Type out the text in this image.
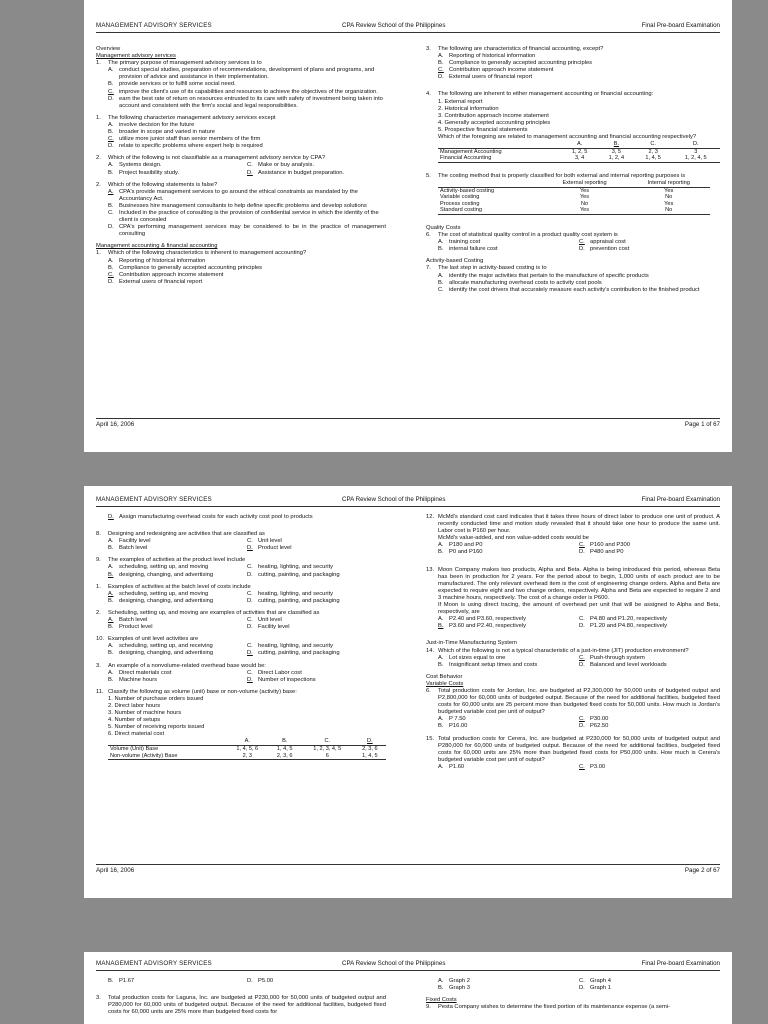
MANAGEMENT ADVISORY SERVICES	CPA Review School of the Philippines	Final Pre-board Examination
Overview
Management advisory services
1.	The primary purpose of management advisory services is to
A. conduct special studies, preparation of recommendations, development of plans and programs, and provision of advice and assistance in their implementation.
B. provide services or to fulfill some social need.
C. improve the client's use of its capabilities and resources to achieve the objectives of the organization.
D. earn the best rate of return on resources entrusted to its care with safety of investment being taken into account and consistent with the firm's social and legal responsibilities.
1.	The following characterize management advisory services except
A. involve decision for the future
B. broader in scope and varied in nature
C. utilize more junior staff than senior members of the firm
D. relate to specific problems where expert help is required
2.	Which of the following is not classifiable as a management advisory service by CPA?
A. Systems design.	C. Make or buy analysis.
B. Project feasibility study.	D. Assistance in budget preparation.
2.	Which of the following statements is false?
A. CPA's provide management services to go around the ethical constraints as mandated by the Accountancy Act.
B. Businesses hire management consultants to help define specific problems and develop solutions
C. Included in the practice of consulting is the provision of confidential service in which the identity of the client is concealed
D. CPA's performing management services may be considered to be in the practice of management consulting
Management accounting & financial accounting
1.	Which of the following characteristics is inherent to management accounting?
A. Reporting of historical information
B. Compliance to generally accepted accounting principles
C. Contribution approach income statement
D. External users of financial report
3.	The following are characteristics of financial accounting, except?
A. Reporting of historical information
B. Compliance to generally accepted accounting principles
C. Contribution approach income statement
D. External users of financial report
4.	The following are inherent to either management accounting or financial accounting:
1. External report
2. Historical information
3. Contribution approach income statement
4. Generally accepted accounting principles
5. Prospective financial statements
Which of the foregoing are related to management accounting and financial accounting respectively?
	A.	B.	C.	D.
Management Accounting	1, 2, 5	3, 5	2, 3	3
Financial Accounting	3, 4	1, 2, 4	1, 4, 5	1, 2, 4, 5
5.	The costing method that is properly classified for both external and internal reporting purposes is
	External reporting	Internal reporting
Activity-based costing	Yes	Yes
Variable costing	Yes	No
Process costing	No	Yes
Standard costing	Yes	No
Quality Costs
6.	The cost of statistical quality control in a product quality cost system is
A. training cost	C. appraisal cost
B. internal failure cost	D. prevention cost
Activity-based Costing
7.	The last step in activity-based costing is to
A. identify the major activities that pertain to the manufacture of specific products
B. allocate manufacturing overhead costs to activity cost pools
C. identify the cost drivers that accurately measure each activity's contribution to the finished product
April 16, 2006	Page 1 of 67
MANAGEMENT ADVISORY SERVICES	CPA Review School of the Philippines	Final Pre-board Examination
D. Assign manufacturing overhead costs for each activity cost pool to products
8.	Designing and redesigning are activities that are classified as
A. Facility level	C. Unit level
B. Batch level	D. Product level
9.	The examples of activities at the product level include
A. scheduling, setting up, and moving	C. heating, lighting, and security
B. designing, changing, and advertising	D. cutting, painting, and packaging
1.	Examples of activities at the batch level of costs include
A. scheduling, setting up, and moving	C. heating, lighting, and security
B. designing, changing, and advertising	D. cutting, painting, and packaging
2.	Scheduling, setting up, and moving are examples of activities that are classified as
A. Batch level	C. Unit level
B. Product level	D. Facility level
10. Examples of unit level activities are
A. scheduling, setting up, and receiving	C. heating, lighting, and security
B. designing, changing, and advertising	D. cutting, painting, and packaging
3.	An example of a nonvolume-related overhead base would be:
A. Direct materials cost	C. Direct Labor cost
B. Machine hours	D. Number of inspections
11. Classify the following as volume (unit) base or non-volume (activity) base:
1. Number of purchase orders issued
2. Direct labor hours
3. Number of machine hours
4. Number of setups
5. Number of receiving reports issued
6. Direct material cost
	A.	B.	C.	D.
Volume (Unit) Base	1, 4, 5, 6	1, 4, 5	1, 2, 3, 4, 5	2, 3, 6
Non-volume (Activity) Base	2, 3	2, 3, 6	6	1, 4, 5
12. McMd's standard cost card indicates that it takes three hours of direct labor to produce one unit of product. A recently conducted time and motion study revealed that it should take one hour to produce the same unit. Labor cost is P160 per hour.
McMd's value-added, and non value-added costs would be
A. P180 and P0	C. P160 and P300
B. P0 and P160	D. P480 and P0
13. Moon Company makes two products, Alpha and Beta. Alpha is being introduced this period, whereas Beta has been in production for 2 years. For the period about to begin, 1,000 units of each product are to be manufactured. The only relevant overhead item is the cost of engineering change orders. Alpha and Beta are expected to require eight and two change orders, respectively. Alpha and Beta are expected to require 2 and 3 machine hours, respectively. The cost of a change order is P600.
If Moon is using direct tracing, the amount of overhead per unit that will be assigned to Alpha and Beta, respectively, are
A. P2.40 and P3.60, respectively	C. P4.80 and P1.20, respectively
B. P3.60 and P2.40, respectively	D. P1.20 and P4.80, respectively
Just-in-Time Manufacturing System
14. Which of the following is not a typical characteristic of a just-in-time (JIT) production environment?
A. Lot sizes equal to one	C. Push-through system
B. Insignificant setup times and costs	D. Balanced and level workloads
Cost Behavior
Variable Costs
6.	Total production costs for Jordan, Inc. are budgeted at P2,300,000 for 50,000 units of budgeted output and P2,800,000 for 60,000 units of budgeted output. Because of the need for additional facilities, budgeted fixed costs for 60,000 units are 25 percent more than budgeted fixed costs for 50,000 units. How much is Jordan's budgeted variable cost per unit of output?
A. P 7.50	C. P30.00
B. P16.00	D. P62.50
15. Total production costs for Cerera, Inc. are budgeted at P230,000 for 50,000 units of budgeted output and P280,000 for 60,000 units of budgeted output. Because of the need for additional facilities, budgeted fixed costs for 60,000 units are 25% more than budgeted fixed costs for P50,000 units. How much is Cerera's budgeted variable cost per unit of output?
A. P1.60	C. P3.00
April 16, 2006	Page 2 of 67
MANAGEMENT ADVISORY SERVICES	CPA Review School of the Philippines	Final Pre-board Examination
B. P1.67	D. P5.00
3.	Total production costs for Laguna, Inc. are budgeted at P230,000 for 50,000 units of budgeted output and P280,000 for 60,000 units of budgeted output. Because of the need for additional facilities, budgeted fixed costs for 60,000 units are 25% more than budgeted fixed costs for
A. Graph 2	C. Graph 4
B. Graph 3	D. Graph 1
Fixed Costs
9.	Pesta Company wishes to determine the fixed portion of its maintenance expense (a semi-
